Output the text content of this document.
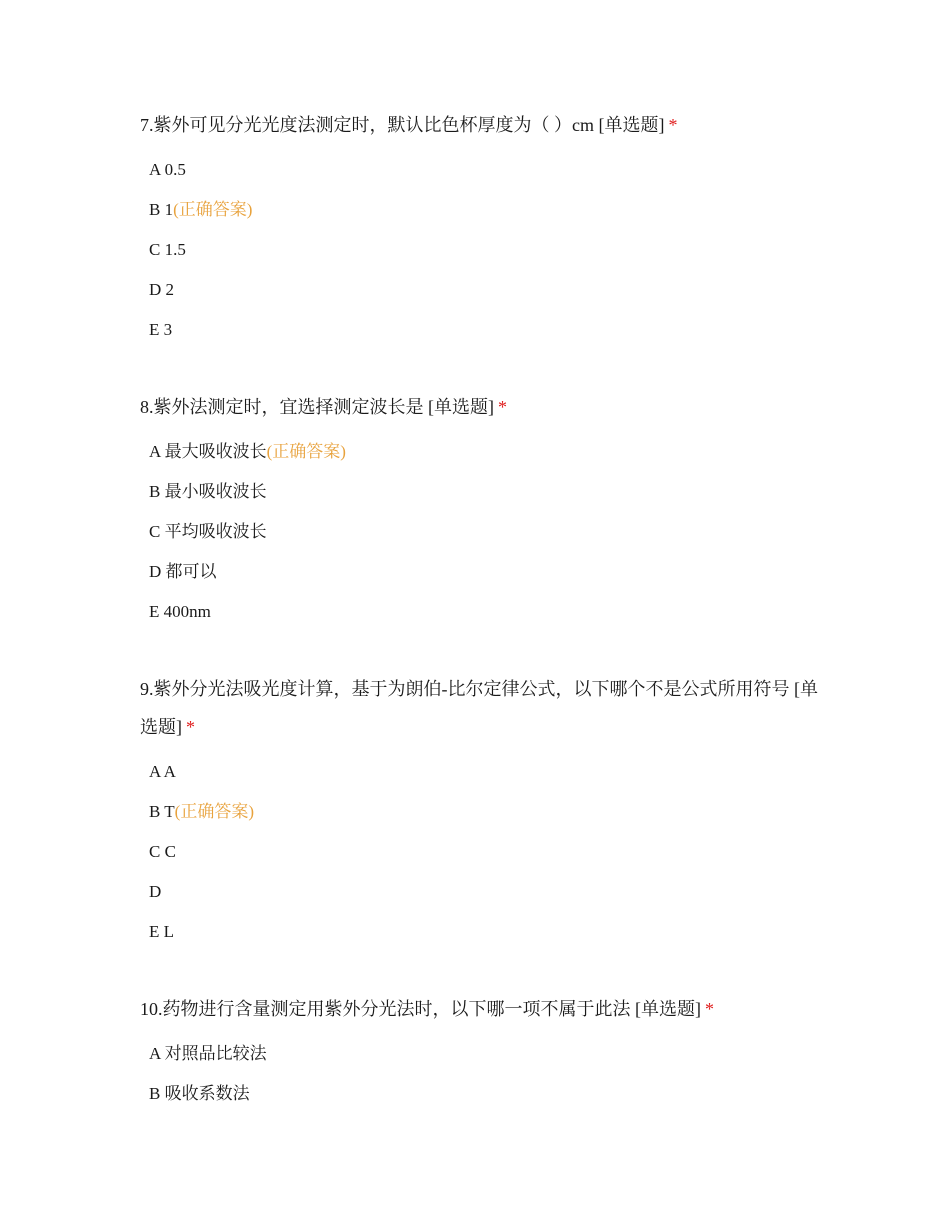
7.紫外可见分光光度法测定时，默认比色杯厚度为（ ）cm [单选题] *

A 0.5
B 1(正确答案)
C 1.5
D 2
E 3

8.紫外法测定时，宜选择测定波长是 [单选题] *

A 最大吸收波长(正确答案)
B 最小吸收波长
C 平均吸收波长
D 都可以
E 400nm

9.紫外分光法吸光度计算，基于为朗伯-比尔定律公式，以下哪个不是公式所用符号 [单选题] *

A A
B T(正确答案)
C C
D
E L

10.药物进行含量测定用紫外分光法时，以下哪一项不属于此法 [单选题] *

A 对照品比较法
B 吸收系数法
